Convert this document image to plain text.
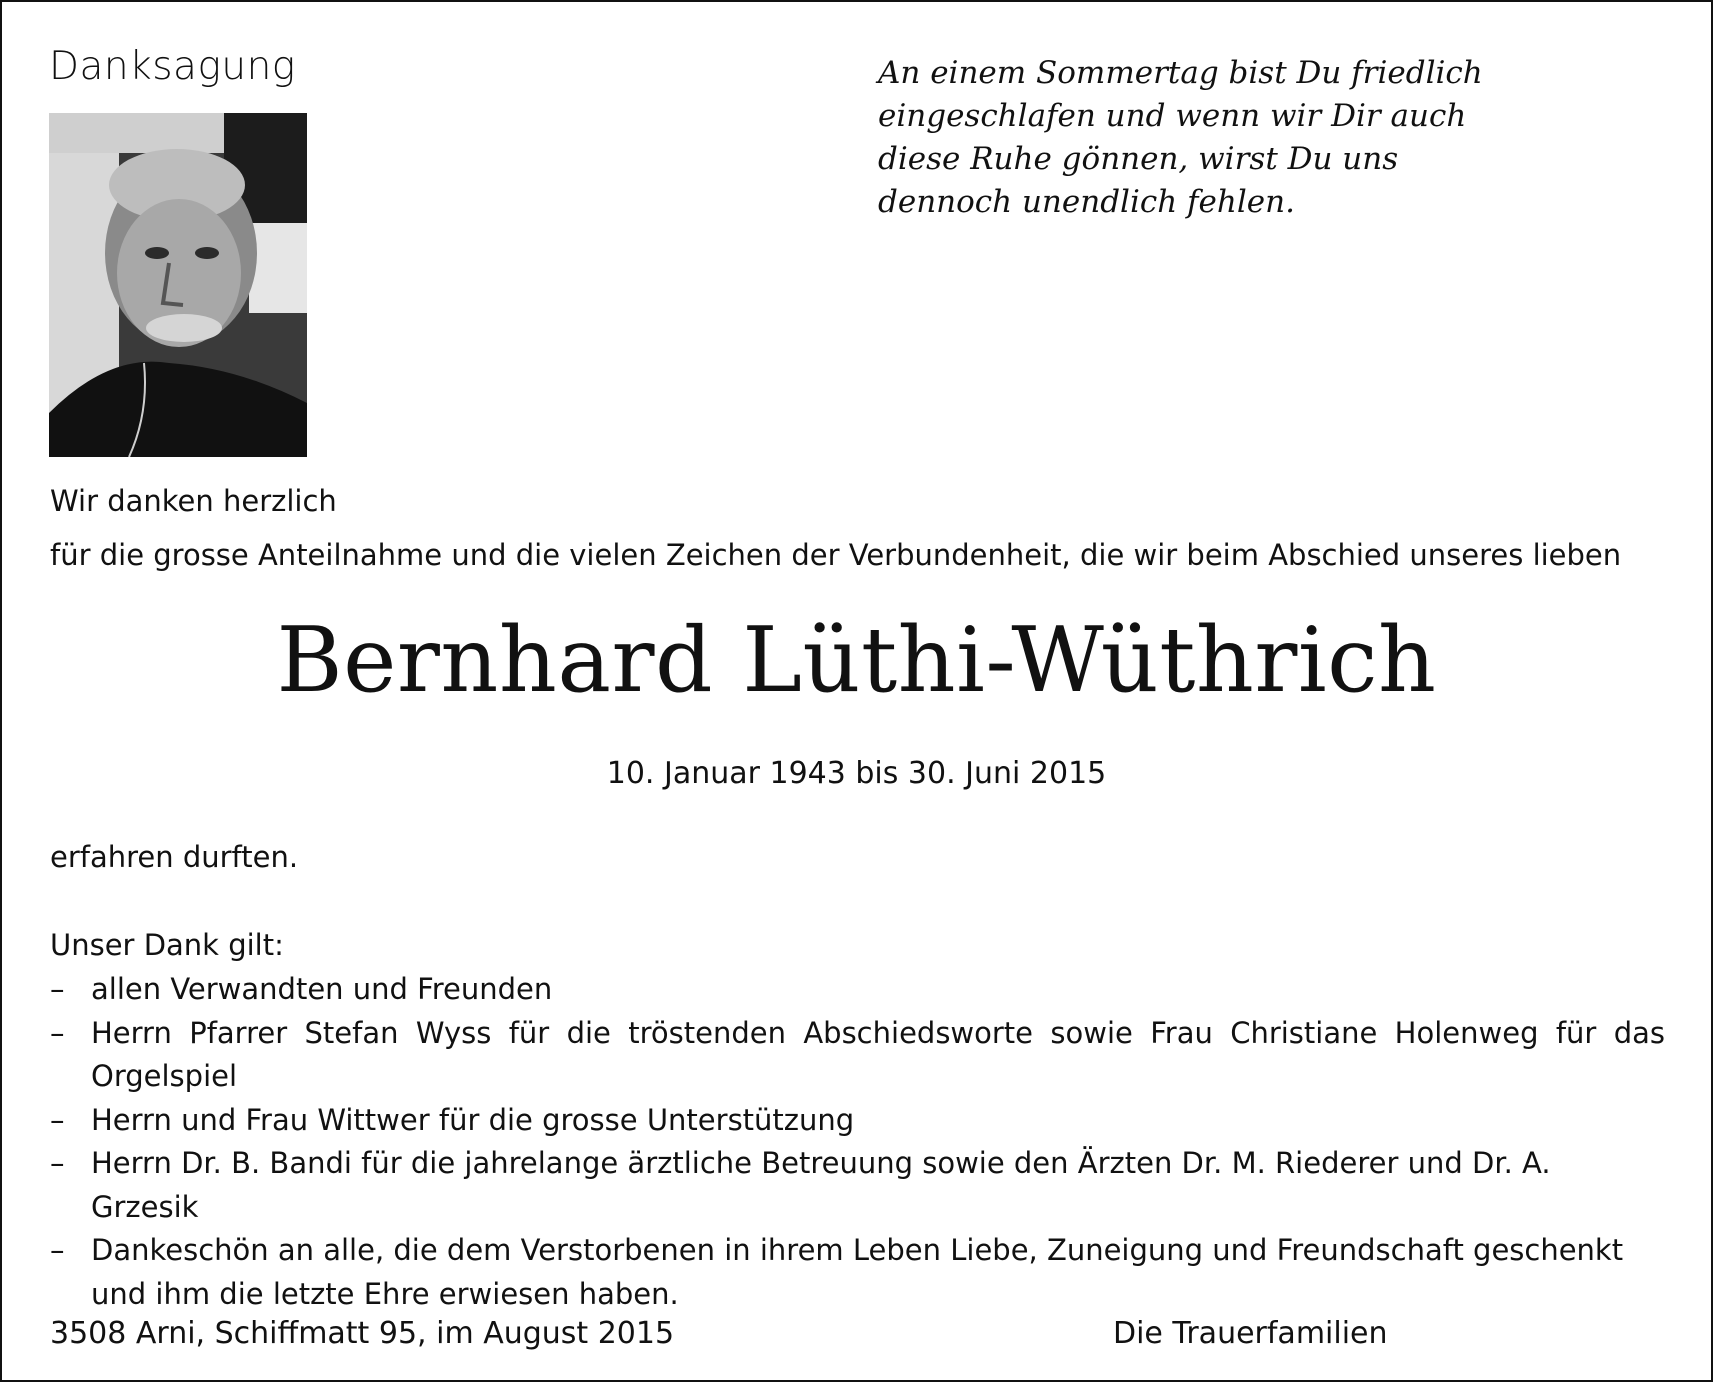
Danksagung	An einem Sommertag bist Du friedlich
eingeschlafen und wenn wir Dir auch
diese Ruhe gönnen, wirst Du uns
dennoch unendlich fehlen.
Wir danken herzlich
für die grosse Anteilnahme und die vielen Zeichen der Verbundenheit, die wir beim Abschied unseres lieben
Bernhard Lüthi-Wüthrich
10. Januar 1943 bis 30. Juni 2015
erfahren durften.
Unser Dank gilt:
– allen Verwandten und Freunden
– Herrn Pfarrer Stefan Wyss für die tröstenden Abschiedsworte sowie Frau Christiane Holenweg für das Orgelspiel
– Herrn und Frau Wittwer für die grosse Unterstützung
– Herrn Dr. B. Bandi für die jahrelange ärztliche Betreuung sowie den Ärzten Dr. M. Riederer und Dr. A. Grzesik
– Dankeschön an alle, die dem Verstorbenen in ihrem Leben Liebe, Zuneigung und Freundschaft geschenkt und ihm die letzte Ehre erwiesen haben.
3508 Arni, Schiffmatt 95, im August 2015	Die Trauerfamilien
